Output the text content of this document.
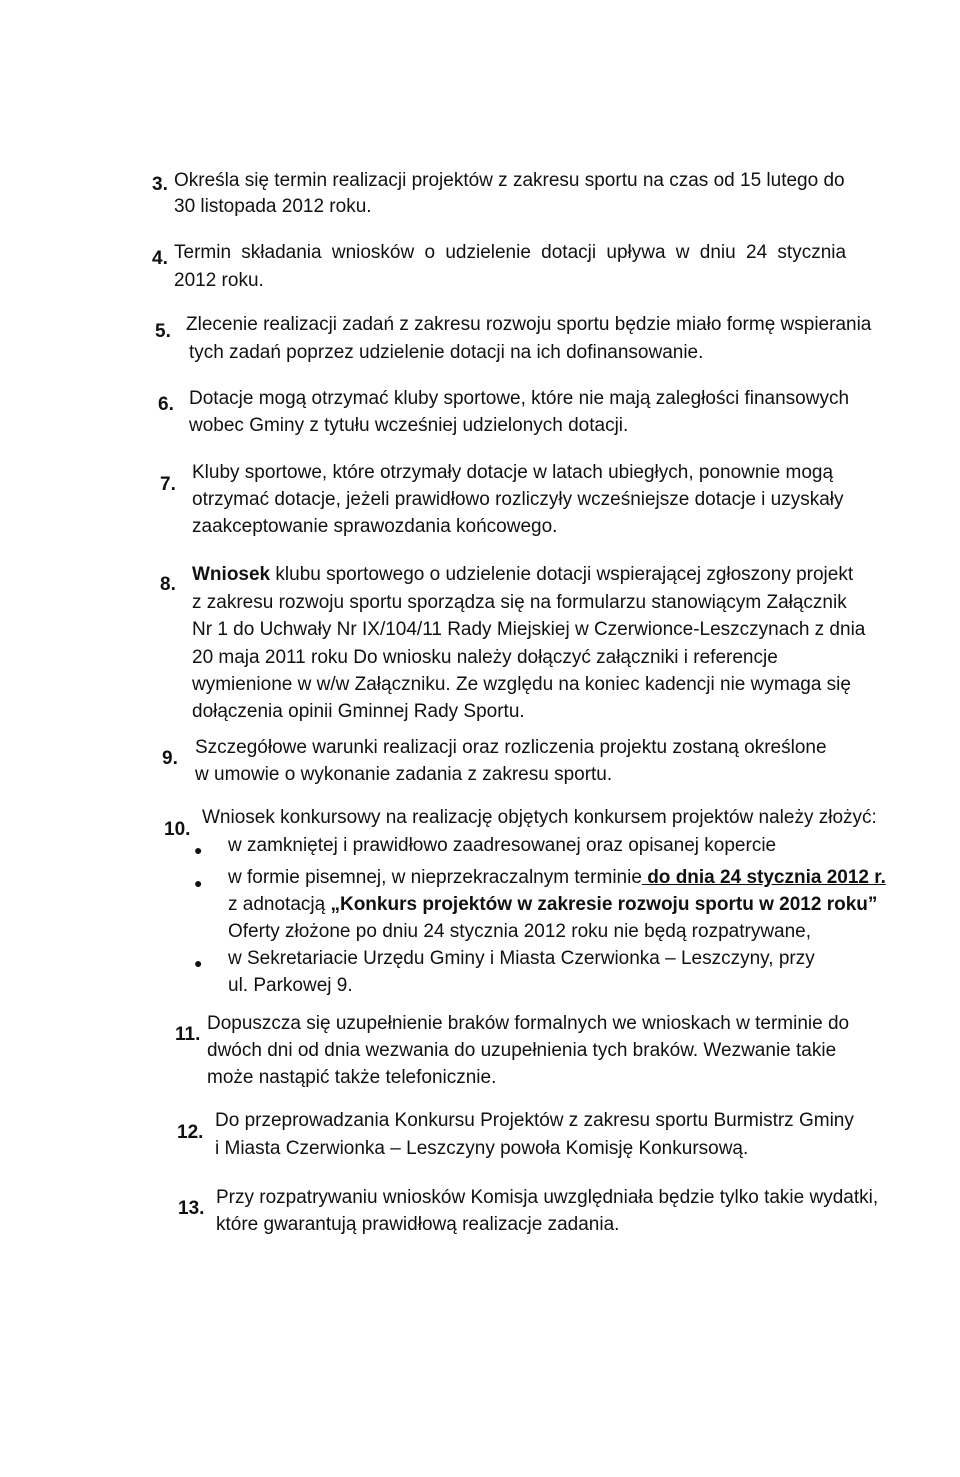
3. Określa się termin realizacji projektów z zakresu sportu na czas od 15 lutego do
30 listopada 2012 roku.
4. Termin składania wniosków o udzielenie dotacji upływa w dniu 24 stycznia
2012 roku.
5. Zlecenie realizacji zadań z zakresu rozwoju sportu będzie miało formę wspierania
tych zadań poprzez udzielenie dotacji na ich dofinansowanie.
6. Dotacje mogą otrzymać kluby sportowe, które nie mają zaległości finansowych
wobec Gminy z tytułu wcześniej udzielonych dotacji.
7.
Kluby sportowe, które otrzymały dotacje w latach ubiegłych, ponownie mogą
otrzymać dotacje, jeżeli prawidłowo rozliczyły wcześniejsze dotacje i uzyskały
zaakceptowanie sprawozdania końcowego.
8. Wniosek klubu sportowego o udzielenie dotacji wspierającej zgłoszony projekt
z zakresu rozwoju sportu sporządza się na formularzu stanowiącym Załącznik
Nr 1 do Uchwały Nr IX/104/11 Rady Miejskiej w Czerwionce-Leszczynach z dnia
20 maja 2011 roku Do wniosku należy dołączyć załączniki i referencje
wymienione w w/w Załączniku. Ze względu na koniec kadencji nie wymaga się
dołączenia opinii Gminnej Rady Sportu.
9.
Szczegółowe warunki realizacji oraz rozliczenia projektu zostaną określone
w umowie o wykonanie zadania z zakresu sportu.
10.
Wniosek konkursowy na realizację objętych konkursem projektów należy złożyć:
● w zamkniętej i prawidłowo zaadresowanej oraz opisanej kopercie
● w formie pisemnej, w nieprzekraczalnym terminie do dnia 24 stycznia 2012 r.
z adnotacją „Konkurs projektów w zakresie rozwoju sportu w 2012 roku”
Oferty złożone po dniu 24 stycznia 2012 roku nie będą rozpatrywane,
● w Sekretariacie Urzędu Gminy i Miasta Czerwionka – Leszczyny, przy
ul. Parkowej 9.
11.
Dopuszcza się uzupełnienie braków formalnych we wnioskach w terminie do
dwóch dni od dnia wezwania do uzupełnienia tych braków. Wezwanie takie
może nastąpić także telefonicznie.
12.
Do przeprowadzania Konkursu Projektów z zakresu sportu Burmistrz Gminy
i Miasta Czerwionka – Leszczyny powoła Komisję Konkursową.
13.
Przy rozpatrywaniu wniosków Komisja uwzględniała będzie tylko takie wydatki,
które gwarantują prawidłową realizacje zadania.
